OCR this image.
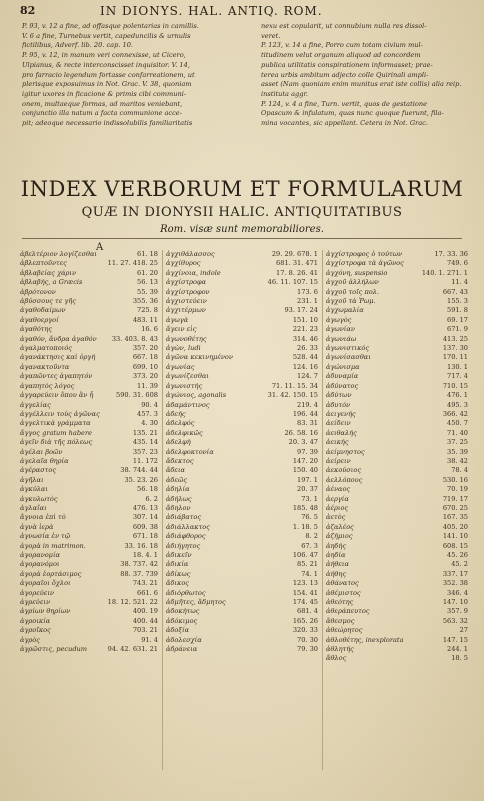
82	IN DIONYS. HAL. ANTIQ. ROM.

P. 93, v. 12 a fine, ad offasque polentarias in camillis.

V. 6 a fine, Turnebus vertit, capeduncilis & urnulis

fictilibus, Adverf. lib. 20. cap. 10.

P. 95, v. 12, in manum veri connexisse, ut Cicero,

Ulpianus, & recte interconscisset inquisitor. V. 14,

pro farracio legendum fortasse confarreationem, ut

plerisque exposuimus in Not. Grac. V. 38, quoniam

igitur uxores in ficacione & primis cibi communi-

onem, multaeque formas, ad maritos veniebant,

conjunctio illa natum a facta communione acce-

pit; adeoque necessario indissolubilis familiaritatis

nexu est copularit, ut connubium nulla res dissol-

veret.

P. 123, v. 14 a fine, Porro cum totam civium mul-

titudinem velut organum aliquod ad concordem

publica utilitatis conspirationem informasset; prae-

terea urbis ambitum adjecto colle Quirinali ampli-

asset (Nam quoniam enim munitus erat iste collis) alia reip.

instituta aggr.

P. 124, v. 4 a fine, Turn. vertit, quos de gestatione

Opascum & infulatum, quas nunc quoque fuerunt, fila-

mina vocantes, sic appellant. Cetera in Not. Grac.

INDEX VERBORUM ET FORMULARUM
QUÆ IN DIONYSII HALIC. ANTIQUITATIBUS
Rom. visæ sunt memorabiliores.
A
ἀβελτέριον λογίζεσθαι	61. 18
ἀβλεπτοῦντες	11. 27. 418. 25
ἀβλαβείας χάριν	61. 20
ἀβλαβής, a Græcis	56. 13
ἀβρότονον	55. 39
ἀβύσσους τε γῆς	355. 36
ἀγαθοδαίμων	725. 8
ἀγαθοεργοί	483. 11
ἀγαθότης	16. 6
ἀγαθόν, ἄνδρα ἀγαθόν	33. 403. 8. 43
ἀγαλματοποιός	357. 20
ἀγανάκτησις καὶ ὀργή	667. 18
ἀγανακτοῦντα	699. 10
ἀγαπῶντες ἀγαπητόν	373. 20
ἀγαπητὸς λόγος	11. 39
ἀγγαρεύειν ὅπου ἂν ἦ	590. 31. 608
ἀγγελίας	90. 4
ἀγγέλλειν τοὺς ἀγῶνας	457. 3
ἀγγελτικὰ γράμματα	4. 30
ἄγγος gratum habere	135. 21
ἀγεῖν διὰ τῆς πόλεως	435. 14
ἀγέλαι βοῶν	357. 23
ἀγελαῖα θηρία	11. 172
ἀγέραστος	38. 744. 44
ἀγῆλαι	35. 23. 26
ἀγκύλαι	56. 18
ἀγκυλωτὸς	6. 2
ἀγλαΐαι	476. 13
ἄγνοια ἐπὶ τὸ	307. 14
ἀγνὰ ἱερὰ	609. 38
ἀγνωσία ἐν τῷ	671. 18
ἀγορὰ in matrimon.	33. 16. 18
ἀγορανομία	18. 4. 1
ἀγορανόμοι	38. 737. 42
ἀγορὰ ἑορτάσιμος	88. 37. 739
ἀγοραῖοι ὄχλοι	743. 21
ἀγορεύειν	661. 6
ἀγρεύειν	18. 12. 521. 22
ἀγρίων θηρίων	400. 19
ἀγροικία	400. 44
ἀγροῖκος	703. 21
ἀγρὸς	91. 4
ἀγρῶστις, pecudum	94. 42. 631. 21
ἀγχιθάλασσος	29. 29. 678. 1
ἀγχίθυρος	681. 31. 471
ἀγχίνοια, indole	17. 8. 26. 41
ἀγχίστροφα	46. 11. 107. 15
ἀγχίστροφον	173. 6
ἀγχιστεύειν	231. 1
ἀγχιτέρμων	93. 17. 24
ἀγωγὰ	151. 10
ἄγειν εἰς	221. 23
ἀγωνοθέτης	314. 46
ἀγὼν, ludi	26. 33
ἀγῶνα κεκινημένον	528. 44
ἀγωνίας	124. 16
ἀγωνίζεσθαι	124. 7
ἀγωνιστής	71. 11. 15. 34
ἀγώνιος, agonalis	31. 42. 150. 15
ἀδαμάντινος	219. 4
ἀδεής	196. 44
ἀδελφός	83. 31
ἀδελφικῶς	26. 58. 16
ἀδελφὴ	20. 3. 47
ἀδελφοκτονία	97. 39
ἄδεκτος	147. 20
ἄδεια	150. 40
ἀδεῶς	197. 1
ἀδηλία	20. 37
ἀδήλως	73. 1
ἄδηλον	185. 48
ἀδιάβατος	76. 5
ἀδιάλλακτος	1. 18. 5
ἀδιάφθορος	8. 2
ἀδιήγητος	67. 3
ἀδικεῖν	106. 47
ἀδικία	85. 21
ἀδίκως	74. 1
ἄδικος	123. 13
ἀδιόρθωτος	154. 41
ἀδμῆτες, ἄδμητος	174. 45
ἀδοκήτως	681. 4
ἀδόκιμος	165. 26
ἀδοξία	320. 33
ἀδολεσχία	70. 30
ἀδράνεια	79. 30
ἀγχίστροφος ὁ τούτων	17. 33. 36
ἀγχίστροφα τὰ ἀγῶνος	749. 6
ἀγχόνη, suspensio	140. 1. 271. 1
ἀγχοῦ ἀλλήλων	11. 4
ἀγχοῦ τοῖς πολ.	667. 43
ἀγχοῦ τὰ Ῥωμ.	155. 3
ἀγχωμαλία	591. 8
ἀγωγὸς	69. 17
ἀγωνίαν	671. 9
ἀγωνιάω	413. 25
ἀγωνιστικός	137. 30
ἀγωνίσασθαι	170. 11
ἀγώνισμα	130. 1
ἀδυναμία	717. 4
ἀδύνατος	710. 15
ἀδύτων	476. 1
ἀδυτόν	495. 3
ἀειγενής	366. 42
ἀείδειν	450. 7
ἀειθαλής	71. 40
ἀεικής	37. 25
ἀείμνηστος	35. 39
ἀείρειν	38. 42
ἀεκούσιος	78. 4
ἀελλόπους	530. 16
ἀέναος	70. 19
ἀεργία	719. 17
ἀέριος	670. 25
ἀετὸς	167. 35
ἀζαλέος	405. 20
ἀζήμιος	141. 10
ἀηδής	608. 15
ἀηδία	45. 26
ἀήθεια	45. 2
ἀήθης	337. 17
ἀθάνατος	352. 38
ἀθέμιστος	346. 4
ἀθεότης	147. 10
ἀθεράπευτος	357. 9
ἄθεσμος	563. 32
ἀθεώρητος	27
ἀθλοθέτης, inexplorata	147. 15
ἀθλητής	244. 1
ἄθλος	18. 5
